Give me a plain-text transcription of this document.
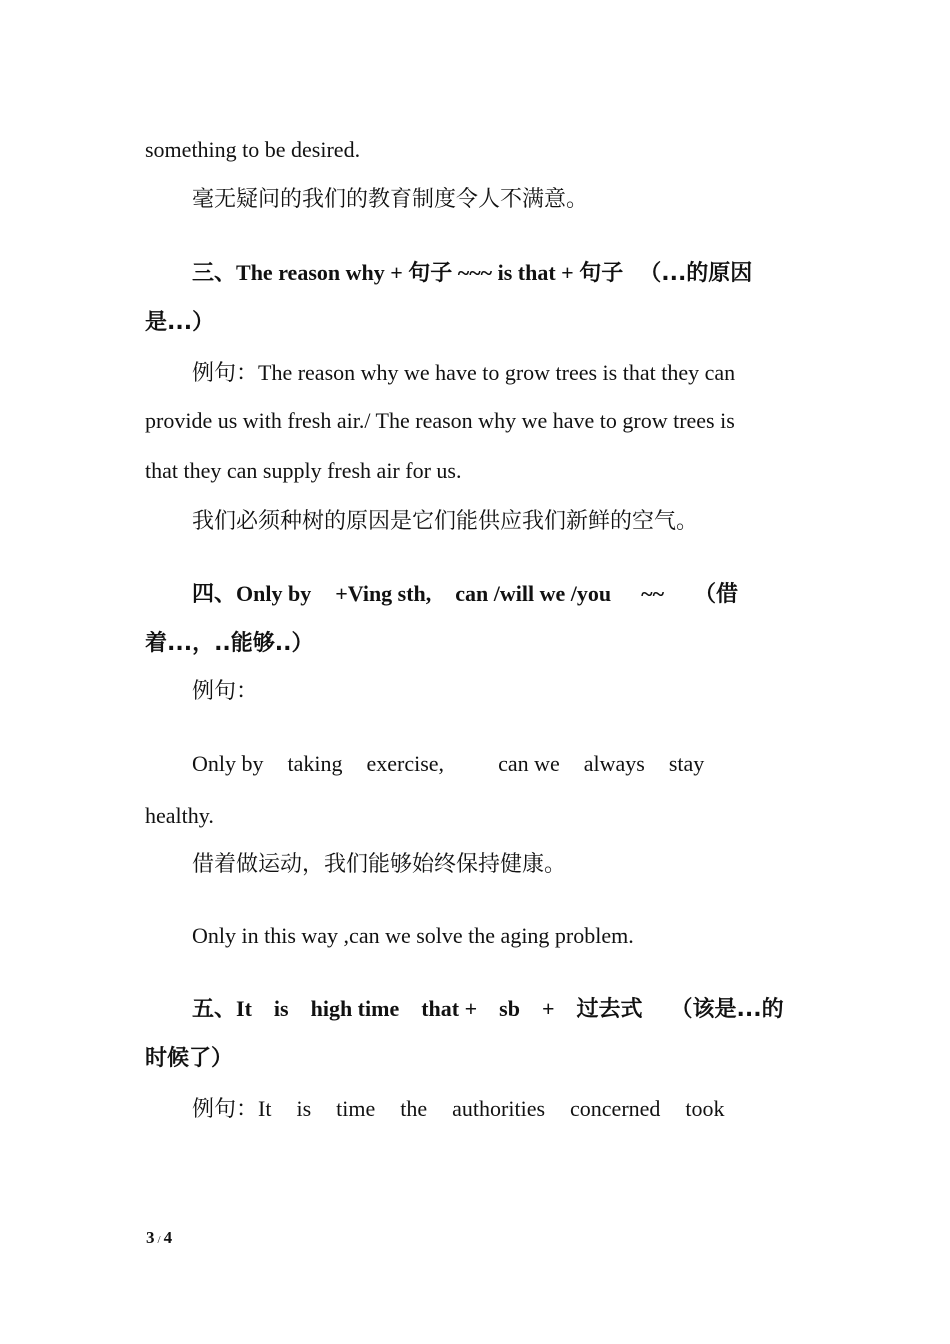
something to be desired.
毫无疑问的我们的教育制度令人不满意。
三、The reason why + 句子 ~~~ is that + 句子 （...的原因
是...）
例句：The reason why we have to grow trees is that they can
provide us with fresh air./ The reason why we have to grow trees is
that they can supply fresh air for us.
我们必须种树的原因是它们能供应我们新鲜的空气。
四、Only by +Ving sth, can /will we /you ~~ （借
着...，..能够..）
例句：
Only by taking exercise, can we always stay
healthy.
借着做运动，我们能够始终保持健康。
Only in this way ,can we solve the aging problem.
五、It is high time that + sb + 过去式 （该是...的
时候了）
例句：It is time the authorities concerned took
3 / 4
